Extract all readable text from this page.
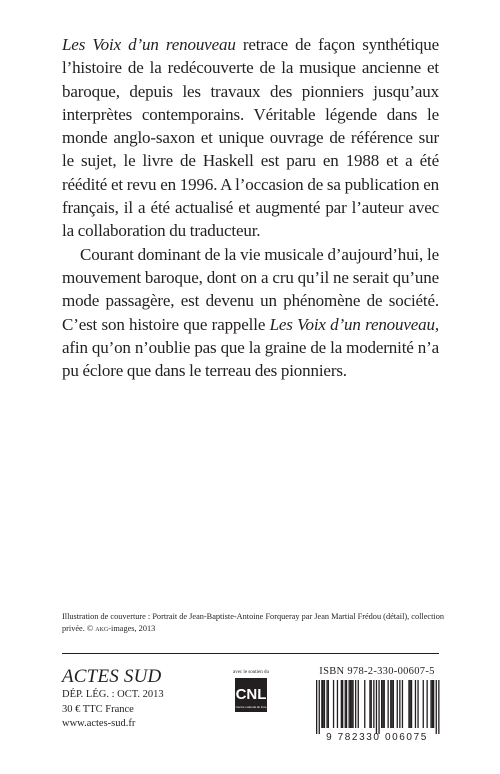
Les Voix d’un renouveau retrace de façon synthétique l’histoire de la redécouverte de la musique ancienne et baroque, depuis les travaux des pionniers jusqu’aux interprètes contemporains. Véritable légende dans le monde anglo-saxon et unique ouvrage de référence sur le sujet, le livre de Haskell est paru en 1988 et a été réédité et revu en 1996. A l’occasion de sa publication en français, il a été actualisé et augmenté par l’auteur avec la collaboration du traducteur.

Courant dominant de la vie musicale d’aujourd’hui, le mouvement baroque, dont on a cru qu’il ne serait qu’une mode passagère, est devenu un phénomène de société. C’est son histoire que rappelle Les Voix d’un renouveau, afin qu’on n’oublie pas que la graine de la modernité n’a pu éclore que dans le terreau des pionniers.

Illustration de couverture : Portrait de Jean-Baptiste-Antoine Forqueray par Jean Martial Frédou (détail), collection privée. © akg-images, 2013
ACTES SUD
DÉP. LÉG. : OCT. 2013
30 € TTC France
www.actes-sud.fr
avec le soutien du
CNL
Centre national du livre
ISBN 978-2-330-00607-5
9 782330 006075
